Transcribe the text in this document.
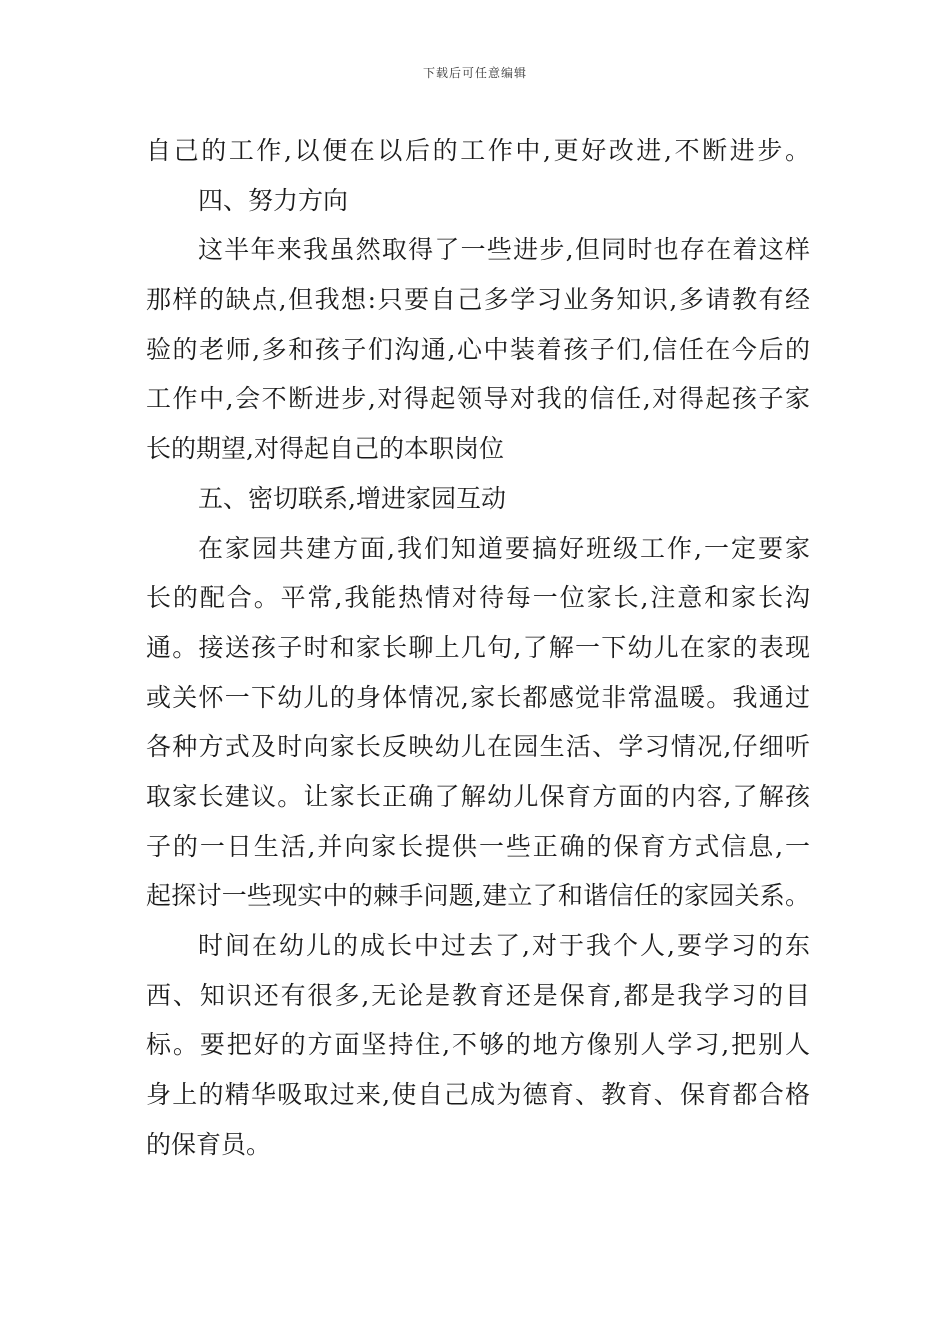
下载后可任意编辑
自己的工作,以便在以后的工作中,更好改进,不断进步。
四、努力方向
这半年来我虽然取得了一些进步,但同时也存在着这样
那样的缺点,但我想:只要自己多学习业务知识,多请教有经
验的老师,多和孩子们沟通,心中装着孩子们,信任在今后的
工作中,会不断进步,对得起领导对我的信任,对得起孩子家
长的期望,对得起自己的本职岗位
五、密切联系,增进家园互动
在家园共建方面,我们知道要搞好班级工作,一定要家
长的配合。平常,我能热情对待每一位家长,注意和家长沟
通。接送孩子时和家长聊上几句,了解一下幼儿在家的表现
或关怀一下幼儿的身体情况,家长都感觉非常温暖。我通过
各种方式及时向家长反映幼儿在园生活、学习情况,仔细听
取家长建议。让家长正确了解幼儿保育方面的内容,了解孩
子的一日生活,并向家长提供一些正确的保育方式信息,一
起探讨一些现实中的棘手问题,建立了和谐信任的家园关系。
时间在幼儿的成长中过去了,对于我个人,要学习的东
西、知识还有很多,无论是教育还是保育,都是我学习的目
标。要把好的方面坚持住,不够的地方像别人学习,把别人
身上的精华吸取过来,使自己成为德育、教育、保育都合格
的保育员。
